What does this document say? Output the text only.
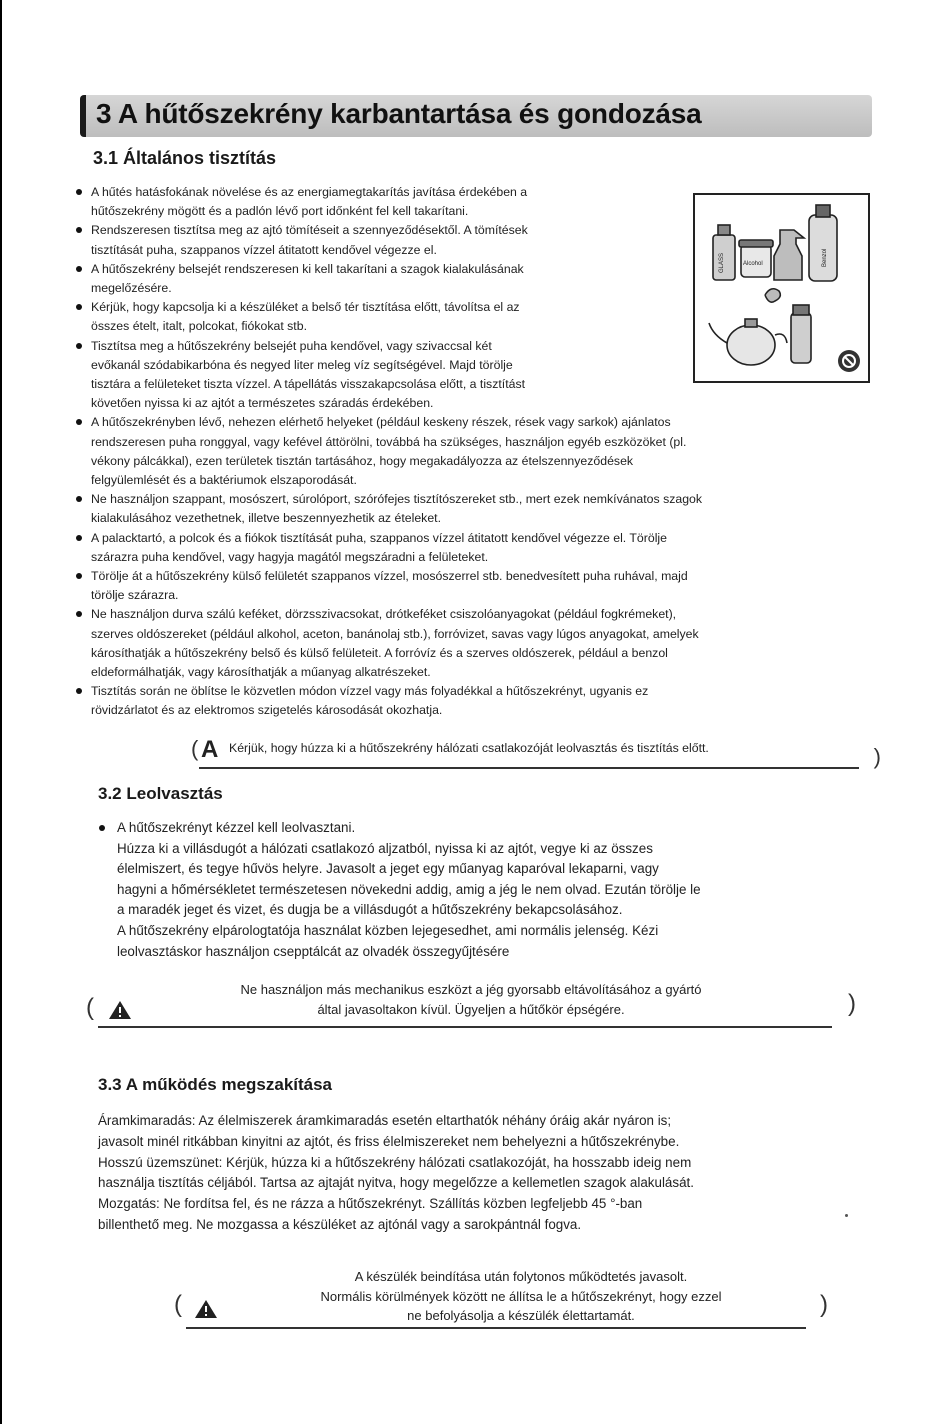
3 A hűtőszekrény karbantartása és gondozása
3.1 Általános tisztítás
A hűtés hatásfokának növelése és az energiamegtakarítás javítása érdekében a
hűtőszekrény mögött és a padlón lévő port időnként fel kell takarítani.
Rendszeresen tisztítsa meg az ajtó tömítéseit a szennyeződésektől. A tömítések
tisztítását puha, szappanos vízzel átitatott kendővel végezze el.
A hűtőszekrény belsejét rendszeresen ki kell takarítani a szagok kialakulásának
megelőzésére.
Kérjük, hogy kapcsolja ki a készüléket a belső tér tisztítása előtt, távolítsa el az
összes ételt, italt, polcokat, fiókokat stb.
Tisztítsa meg a hűtőszekrény belsejét puha kendővel, vagy szivaccsal két
evőkanál szódabikarbóna és negyed liter meleg víz segítségével. Majd törölje
tisztára a felületeket tiszta vízzel. A tápellátás visszakapcsolása előtt, a tisztítást
követően nyissa ki az ajtót a természetes száradás érdekében.
A hűtőszekrényben lévő, nehezen elérhető helyeket (például keskeny részek, rések vagy sarkok) ajánlatos
rendszeresen puha ronggyal, vagy kefével áttörölni, továbbá ha szükséges, használjon egyéb eszközöket (pl.
vékony pálcákkal), ezen területek tisztán tartásához, hogy megakadályozza az ételszennyeződések
felgyülemlését és a baktériumok elszaporodását.
Ne használjon szappant, mosószert, súrolóport, szórófejes tisztítószereket stb., mert ezek nemkívánatos szagok
kialakulásához vezethetnek, illetve beszennyezhetik az ételeket.
A palacktartó, a polcok és a fiókok tisztítását puha, szappanos vízzel átitatott kendővel végezze el. Törölje
szárazra puha kendővel, vagy hagyja magától megszáradni a felületeket.
Törölje át a hűtőszekrény külső felületét szappanos vízzel, mosószerrel stb. benedvesített puha ruhával, majd
törölje szárazra.
Ne használjon durva szálú keféket, dörzsszivacsokat, drótkeféket csiszolóanyagokat (például fogkrémeket),
szerves oldószereket (például alkohol, aceton, banánolaj stb.), forróvizet, savas vagy lúgos anyagokat, amelyek
károsíthatják a hűtőszekrény belső és külső felületeit. A forróvíz és a szerves oldószerek, például a benzol
eldeformálhatják, vagy károsíthatják a műanyag alkatrészeket.
Tisztítás során ne öblítse le közvetlen módon vízzel vagy más folyadékkal a hűtőszekrényt, ugyanis ez
rövidzárlatot és az elektromos szigetelés károsodását okozhatja.
GLASS	Alcohol	Benzol
( A Kérjük, hogy húzza ki a hűtőszekrény hálózati csatlakozóját leolvasztás és tisztítás előtt.	)
3.2 Leolvasztás
A hűtőszekrényt kézzel kell leolvasztani.
Húzza ki a villásdugót a hálózati csatlakozó aljzatból, nyissa ki az ajtót, vegye ki az összes
élelmiszert, és tegye hűvös helyre. Javasolt a jeget egy műanyag kaparóval lekaparni, vagy
hagyni a hőmérsékletet természetesen növekedni addig, amig a jég le nem olvad. Ezután törölje le
a maradék jeget és vizet, és dugja be a villásdugót a hűtőszekrény bekapcsolásához.
A hűtőszekrény elpárologtatója használat közben lejegesedhet, ami normális jelenség. Kézi
leolvasztáskor használjon csepptálcát az olvadék összegyűjtésére
(
Ne használjon más mechanikus eszközt a jég gyorsabb eltávolításához a gyártó
által javasoltakon kívül. Ügyeljen a hűtőkör épségére.	)
3.3 A működés megszakítása

Áramkimaradás: Az élelmiszerek áramkimaradás esetén eltarthatók néhány óráig akár nyáron is;

javasolt minél ritkábban kinyitni az ajtót, és friss élelmiszereket nem behelyezni a hűtőszekrénybe.

Hosszú üzemszünet: Kérjük, húzza ki a hűtőszekrény hálózati csatlakozóját, ha hosszabb ideig nem

használja tisztítás céljából. Tartsa az ajtaját nyitva, hogy megelőzze a kellemetlen szagok alakulását.

Mozgatás: Ne fordítsa fel, és ne rázza a hűtőszekrényt. Szállítás közben legfeljebb 45 °-ban

billenthető meg. Ne mozgassa a készüléket az ajtónál vagy a sarokpántnál fogva.

(
A készülék beindítása után folytonos működtetés javasolt.
Normális körülmények között ne állítsa le a hűtőszekrényt, hogy ezzel
ne befolyásolja a készülék élettartamát.	)
